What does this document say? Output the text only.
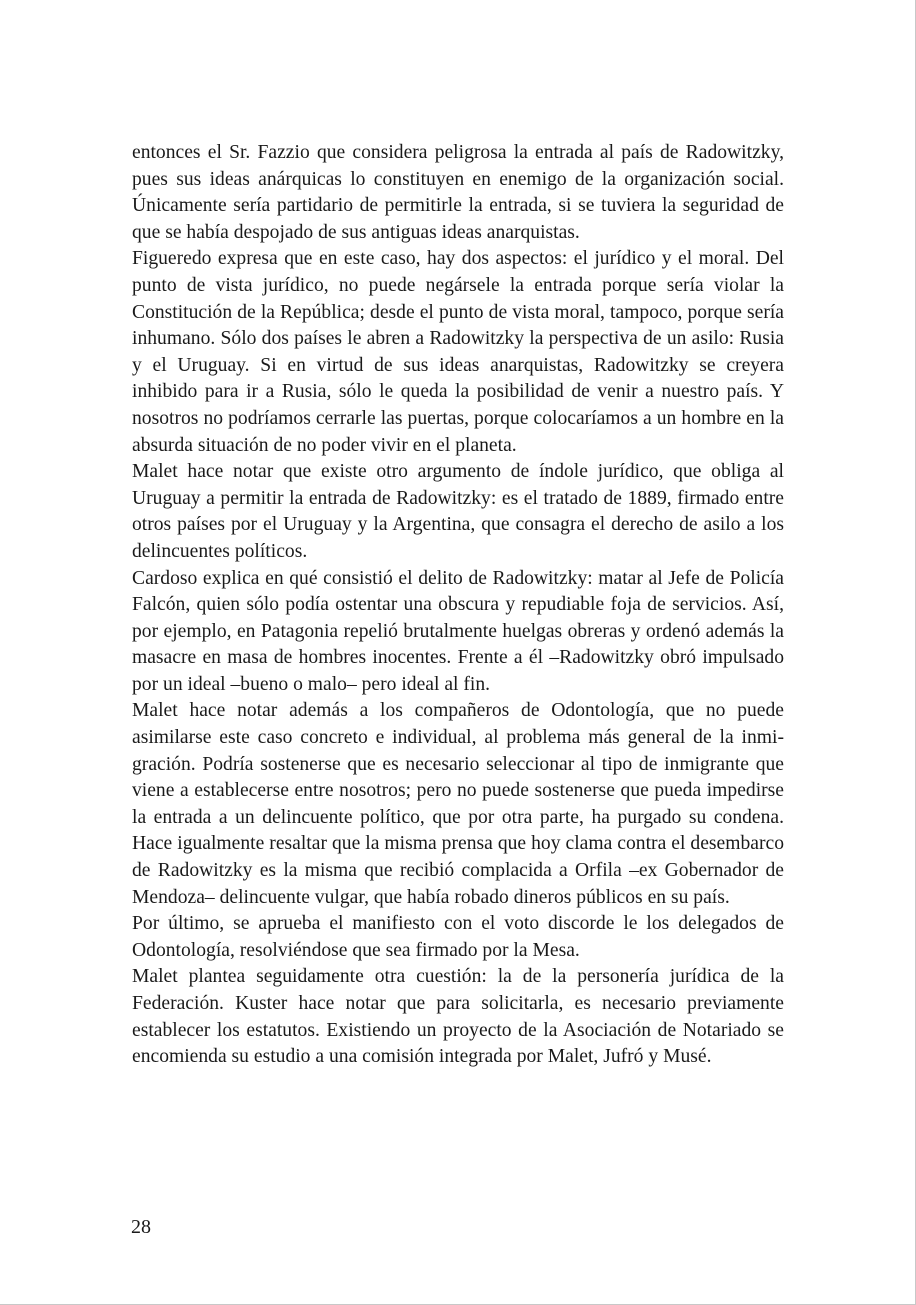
entonces el Sr. Fazzio que considera peligrosa la entrada al país de Radowitzky, pues sus ideas anárquicas lo constituyen en enemigo de la organización social. Únicamente sería partidario de permitirle la entrada, si se tuviera la seguridad de que se había despojado de sus antiguas ideas anarquistas.

Figueredo expresa que en este caso, hay dos aspectos: el jurídico y el moral. Del punto de vista jurídico, no puede negársele la entrada porque sería violar la Constitución de la República; desde el punto de vista moral, tampoco, porque sería inhumano. Sólo dos países le abren a Radowitzky la perspectiva de un asilo: Rusia y el Uruguay. Si en virtud de sus ideas anarquistas, Radowitzky se creyera inhibido para ir a Rusia, sólo le queda la posibilidad de venir a nuestro país. Y nosotros no podríamos cerrarle las puertas, porque colocaríamos a un hombre en la absurda situación de no poder vivir en el planeta.

Malet hace notar que existe otro argumento de índole jurídico, que obliga al Uruguay a permitir la entrada de Radowitzky: es el tratado de 1889, firmado entre otros países por el Uruguay y la Argentina, que consagra el derecho de asilo a los delincuentes políticos.

Cardoso explica en qué consistió el delito de Radowitzky: matar al Jefe de Policía Falcón, quien sólo podía ostentar una obscura y repudiable foja de servicios. Así, por ejemplo, en Patagonia repelió brutalmente huelgas obreras y ordenó además la masacre en masa de hombres inocentes. Frente a él –Radowitzky obró impulsado por un ideal –bueno o malo– pero ideal al fin.

Malet hace notar además a los compañeros de Odontología, que no puede asimilarse este caso concreto e individual, al problema más general de la inmigración. Podría sostenerse que es necesario seleccionar al tipo de inmigrante que viene a establecerse entre nosotros; pero no puede sostenerse que pueda impedirse la entrada a un delincuente político, que por otra parte, ha purgado su condena. Hace igualmente resaltar que la misma prensa que hoy clama contra el desembarco de Radowitzky es la misma que recibió complacida a Orfila –ex Gobernador de Mendoza– delincuente vulgar, que había robado dineros públicos en su país.

Por último, se aprueba el manifiesto con el voto discorde le los delegados de Odontología, resolviéndose que sea firmado por la Mesa.

Malet plantea seguidamente otra cuestión: la de la personería jurídica de la Federación. Kuster hace notar que para solicitarla, es necesario previamente establecer los estatutos. Existiendo un proyecto de la Asociación de Notariado se encomienda su estudio a una comisión integrada por Malet, Jufró y Musé.

28
